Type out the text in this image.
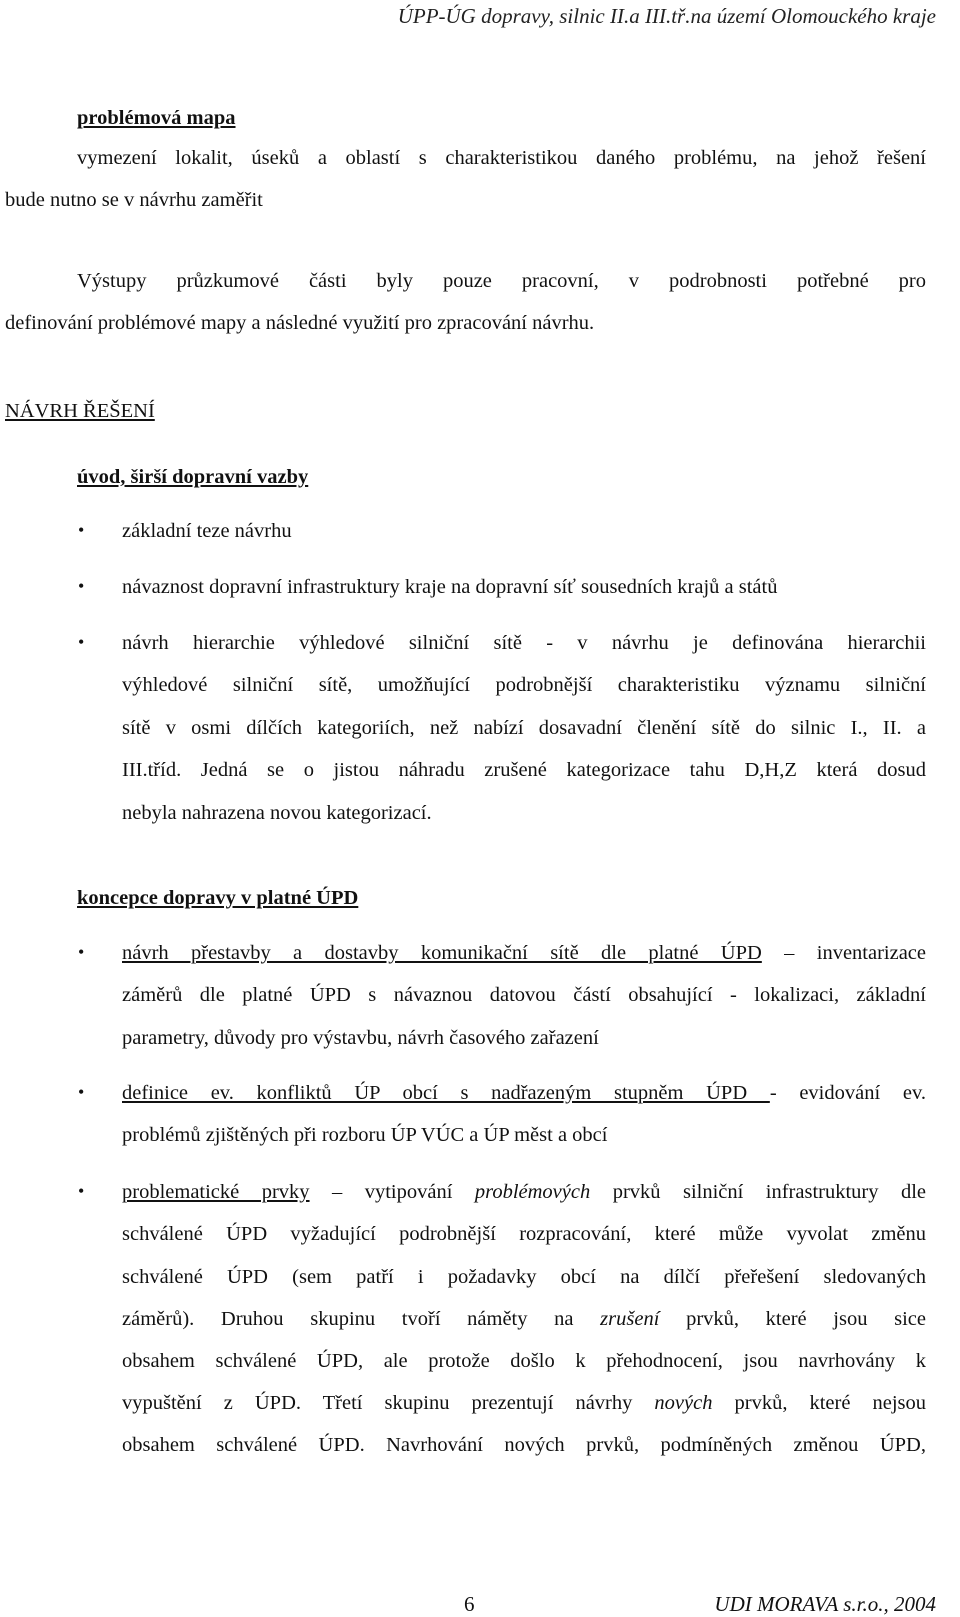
ÚPP-ÚG dopravy, silnic II.a III.tř.na území Olomouckého kraje
problémová mapa
vymezení lokalit, úseků a oblastí s charakteristikou daného problému, na jehož řešení
bude nutno se v návrhu zaměřit
Výstupy průzkumové části byly pouze pracovní, v podrobnosti potřebné pro
definování problémové mapy a následné využití pro zpracování návrhu.
NÁVRH ŘEŠENÍ
úvod, širší dopravní vazby
• základní teze návrhu
• návaznost dopravní infrastruktury kraje na dopravní síť sousedních krajů a států
• návrh hierarchie výhledové silniční sítě - v návrhu je definována hierarchii
výhledové silniční sítě, umožňující podrobnější charakteristiku významu silniční
sítě v osmi dílčích kategoriích, než nabízí dosavadní členění sítě do silnic I., II. a
III.tříd. Jedná se o jistou náhradu zrušené kategorizace tahu D,H,Z která dosud
nebyla nahrazena novou kategorizací.
koncepce dopravy v platné ÚPD
• návrh přestavby a dostavby komunikační sítě dle platné ÚPD – inventarizace
záměrů dle platné ÚPD s návaznou datovou částí obsahující - lokalizaci, základní
parametry, důvody pro výstavbu, návrh časového zařazení
• definice ev. konfliktů ÚP obcí s nadřazeným stupněm ÚPD - evidování ev.
problémů zjištěných při rozboru ÚP VÚC a ÚP měst a obcí
• problematické prvky – vytipování problémových prvků silniční infrastruktury dle
schválené ÚPD vyžadující podrobnější rozpracování, které může vyvolat změnu
schválené ÚPD (sem patří i požadavky obcí na dílčí přeřešení sledovaných
záměrů). Druhou skupinu tvoří náměty na zrušení prvků, které jsou sice
obsahem schválené ÚPD, ale protože došlo k přehodnocení, jsou navrhovány k
vypuštění z ÚPD. Třetí skupinu prezentují návrhy nových prvků, které nejsou
obsahem schválené ÚPD. Navrhování nových prvků, podmíněných změnou ÚPD,
6	UDI MORAVA s.r.o., 2004
